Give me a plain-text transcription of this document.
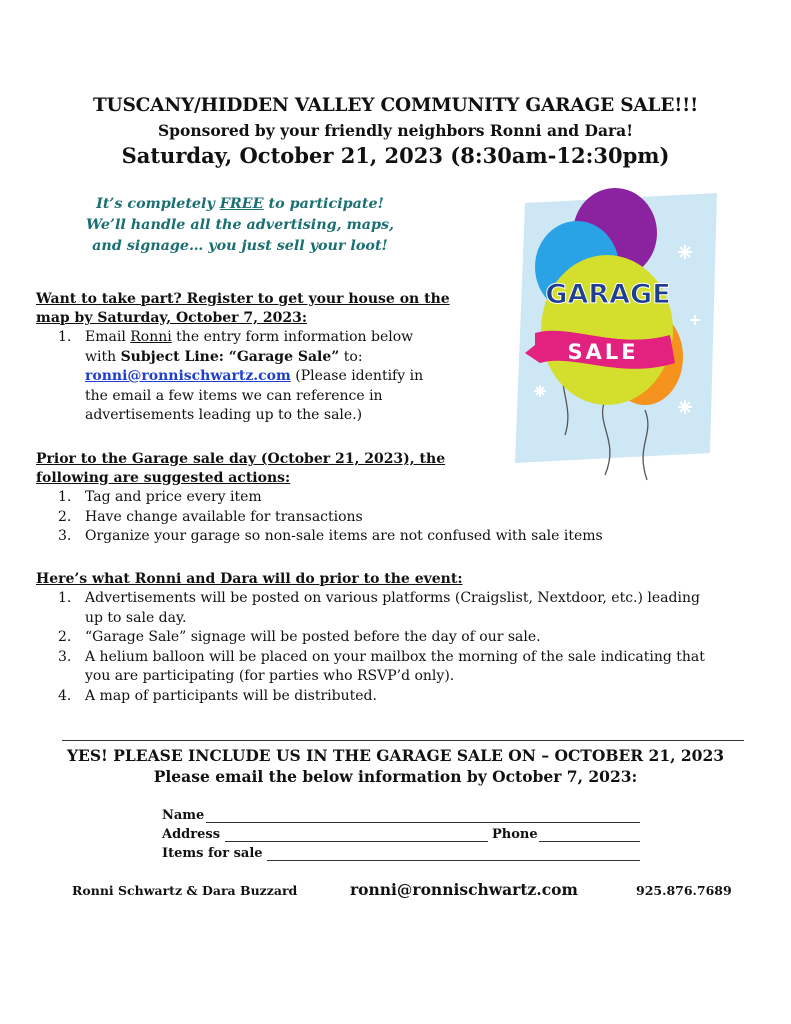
TUSCANY/HIDDEN VALLEY COMMUNITY GARAGE SALE!!!
Sponsored by your friendly neighbors Ronni and Dara!
Saturday, October 21, 2023 (8:30am-12:30pm)
It’s completely FREE to participate!
We’ll handle all the advertising, maps,
and signage… you just sell your loot!
GARAGE
SALE
Want to take part? Register to get your house on the
map by Saturday, October 7, 2023:
1. Email Ronni the entry form information below
with Subject Line: “Garage Sale” to:
ronni@ronnischwartz.com (Please identify in
the email a few items we can reference in
advertisements leading up to the sale.)
Prior to the Garage sale day (October 21, 2023), the
following are suggested actions:
1. Tag and price every item
2. Have change available for transactions
3. Organize your garage so non-sale items are not confused with sale items
Here’s what Ronni and Dara will do prior to the event:
1. Advertisements will be posted on various platforms (Craigslist, Nextdoor, etc.) leading
up to sale day.
2. “Garage Sale” signage will be posted before the day of our sale.
3. A helium balloon will be placed on your mailbox the morning of the sale indicating that
you are participating (for parties who RSVP’d only).
4. A map of participants will be distributed.
YES! PLEASE INCLUDE US IN THE GARAGE SALE ON – OCTOBER 21, 2023
Please email the below information by October 7, 2023:
Name
Address	Phone
Items for sale
Ronni Schwartz & Dara Buzzard	ronni@ronnischwartz.com	925.876.7689
